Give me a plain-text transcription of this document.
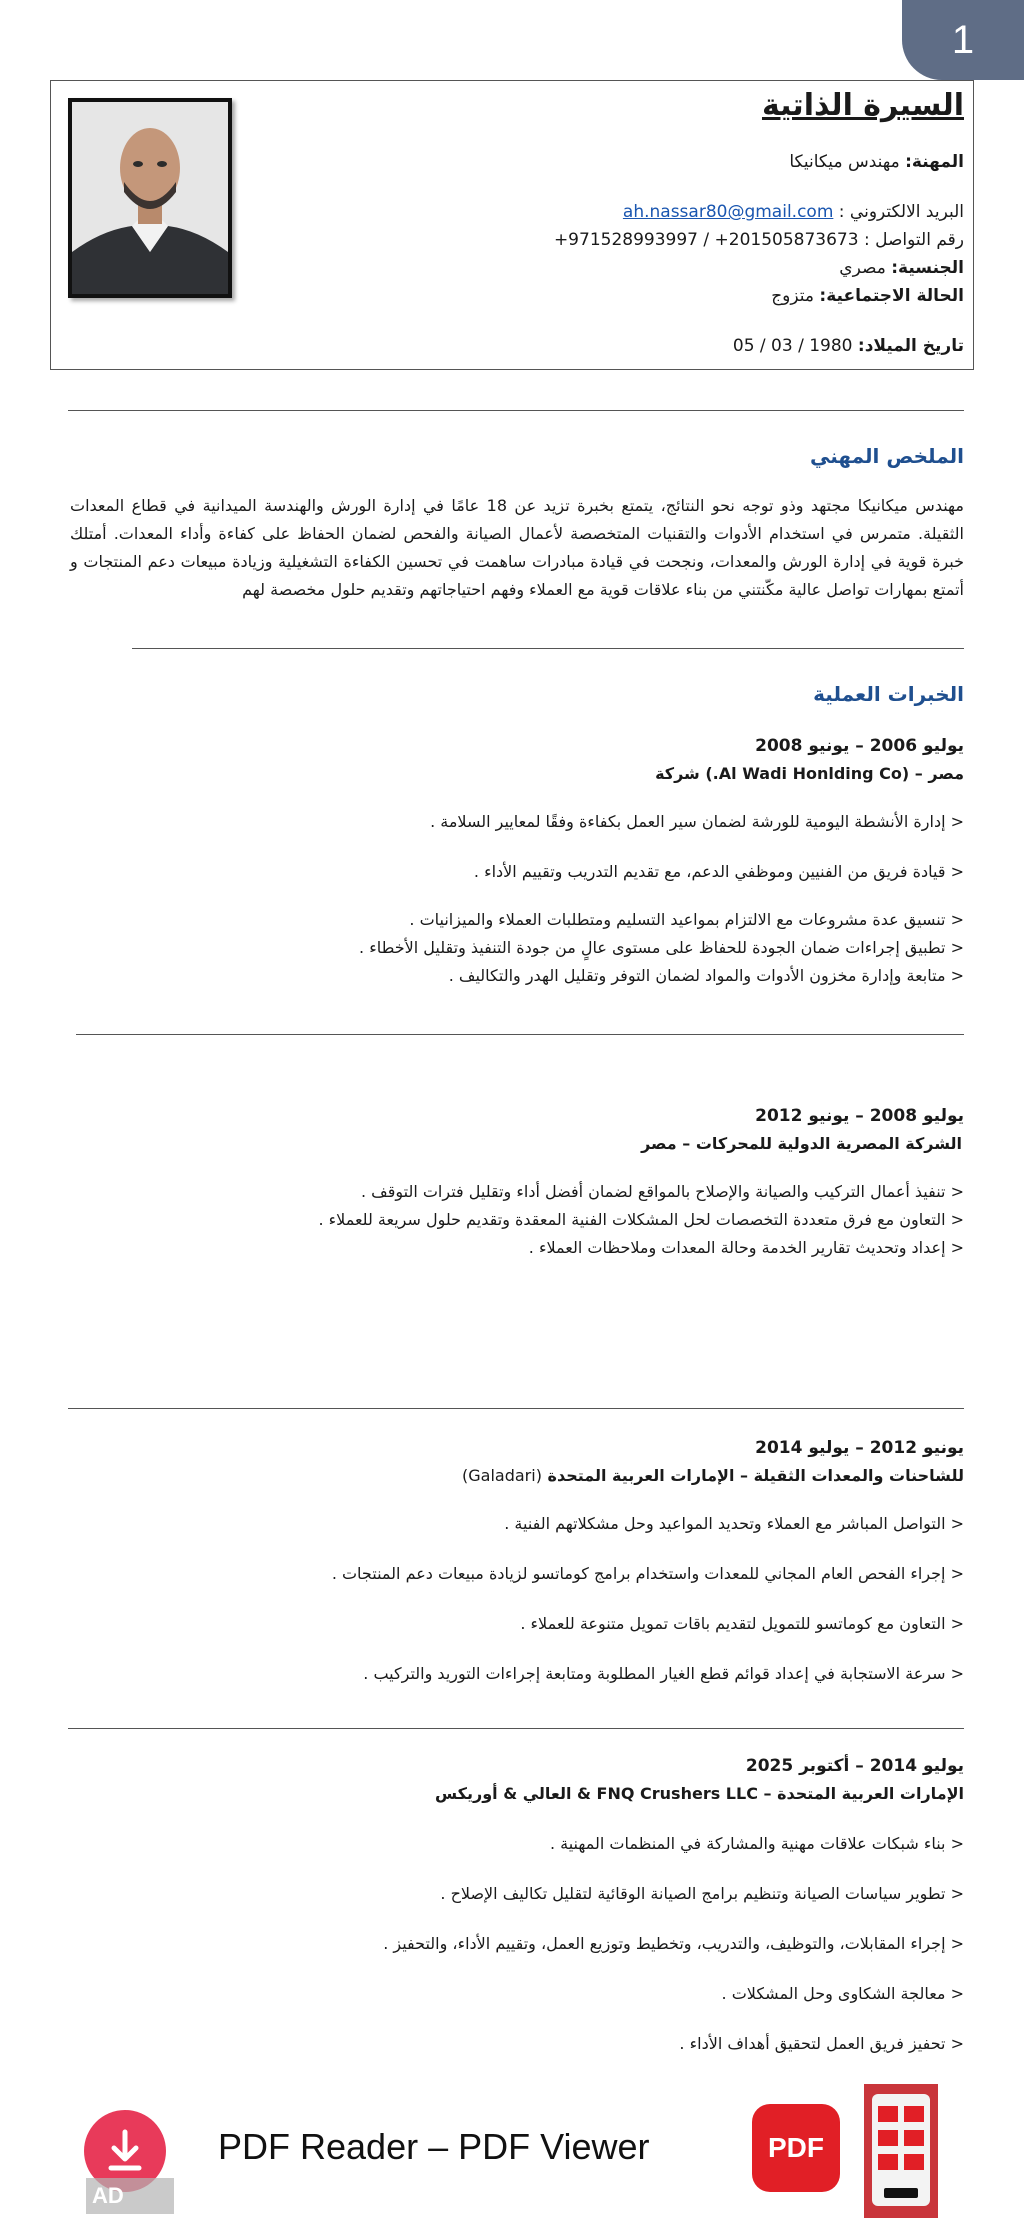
1
السيرة الذاتية
المهنة: مهندس ميكانيكا
البريد الالكتروني : ah.nassar80@gmail.com
رقم التواصل : +971528993997 / +201505873673
الجنسية: مصري
الحالة الاجتماعية: متزوج
تاريخ الميلاد: 05 / 03 / 1980
الملخص المهني
مهندس ميكانيكا مجتهد وذو توجه نحو النتائج، يتمتع بخبرة تزيد عن 18 عامًا في إدارة الورش والهندسة الميدانية في قطاع المعدات الثقيلة. متمرس في استخدام الأدوات والتقنيات المتخصصة لأعمال الصيانة والفحص لضمان الحفاظ على كفاءة وأداء المعدات. أمتلك خبرة قوية في إدارة الورش والمعدات، ونجحت في قيادة مبادرات ساهمت في تحسين الكفاءة التشغيلية وزيادة مبيعات دعم المنتجات و أتمتع بمهارات تواصل عالية مكّنتني من بناء علاقات قوية مع العملاء وفهم احتياجاتهم وتقديم حلول مخصصة لهم
الخبرات العملية
يوليو 2006 – يونيو 2008
مصر – (Al Wadi Honlding Co.) شركة
< إدارة الأنشطة اليومية للورشة لضمان سير العمل بكفاءة وفقًا لمعايير السلامة .
< قيادة فريق من الفنيين وموظفي الدعم، مع تقديم التدريب وتقييم الأداء .
< تنسيق عدة مشروعات مع الالتزام بمواعيد التسليم ومتطلبات العملاء والميزانيات .
< تطبيق إجراءات ضمان الجودة للحفاظ على مستوى عالٍ من جودة التنفيذ وتقليل الأخطاء .
< متابعة وإدارة مخزون الأدوات والمواد لضمان التوفر وتقليل الهدر والتكاليف .
يوليو 2008 – يونيو 2012
الشركة المصرية الدولية للمحركات – مصر
< تنفيذ أعمال التركيب والصيانة والإصلاح بالمواقع لضمان أفضل أداء وتقليل فترات التوقف .
< التعاون مع فرق متعددة التخصصات لحل المشكلات الفنية المعقدة وتقديم حلول سريعة للعملاء .
< إعداد وتحديث تقارير الخدمة وحالة المعدات وملاحظات العملاء .
يونيو 2012 – يوليو 2014
للشاحنات والمعدات الثقيلة – الإمارات العربية المتحدة (Galadari)
< التواصل المباشر مع العملاء وتحديد المواعيد وحل مشكلاتهم الفنية .
< إجراء الفحص العام المجاني للمعدات واستخدام برامج كوماتسو لزيادة مبيعات دعم المنتجات .
< التعاون مع كوماتسو للتمويل لتقديم باقات تمويل متنوعة للعملاء .
< سرعة الاستجابة في إعداد قوائم قطع الغيار المطلوبة ومتابعة إجراءات التوريد والتركيب .
يوليو 2014 – أكتوبر 2025
الإمارات العربية المتحدة – FNQ Crushers LLC & العالي & أوريكس
< بناء شبكات علاقات مهنية والمشاركة في المنظمات المهنية .
< تطوير سياسات الصيانة وتنظيم برامج الصيانة الوقائية لتقليل تكاليف الإصلاح .
< إجراء المقابلات، والتوظيف، والتدريب، وتخطيط وتوزيع العمل، وتقييم الأداء، والتحفيز .
< معالجة الشكاوى وحل المشكلات .
< تحفيز فريق العمل لتحقيق أهداف الأداء .
PDF Reader – PDF Viewer	PDF
AD
